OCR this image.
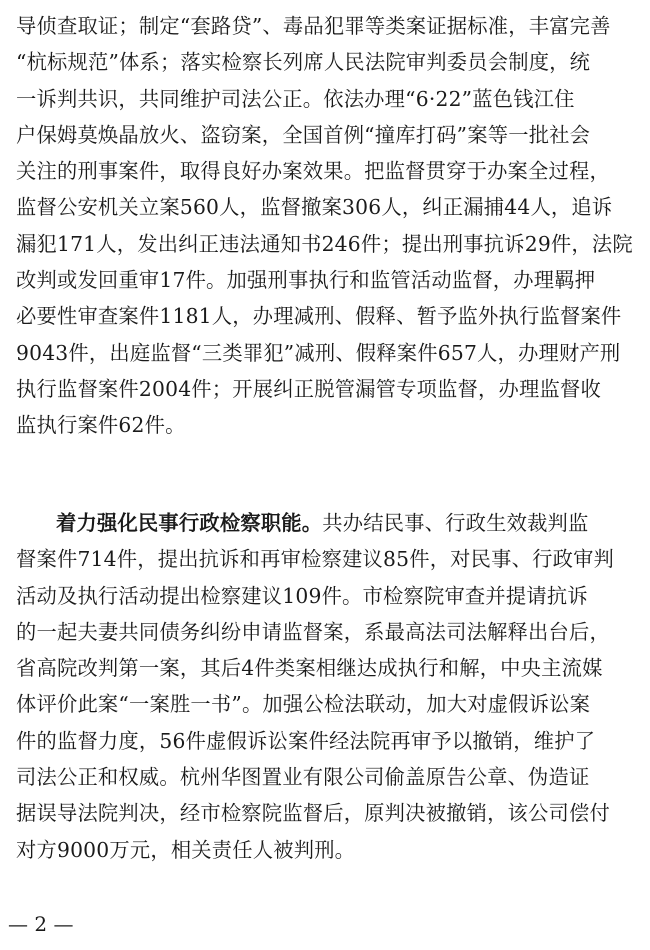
导侦查取证；制定“套路贷”、毒品犯罪等类案证据标准，丰富完善
“杭标规范”体系；落实检察长列席人民法院审判委员会制度，统
一诉判共识，共同维护司法公正。依法办理“6·22”蓝色钱江住
户保姆莫焕晶放火、盗窃案，全国首例“撞库打码”案等一批社会
关注的刑事案件，取得良好办案效果。把监督贯穿于办案全过程，
监督公安机关立案560人，监督撤案306人，纠正漏捕44人，追诉
漏犯171人，发出纠正违法通知书246件；提出刑事抗诉29件，法院
改判或发回重审17件。加强刑事执行和监管活动监督，办理羁押
必要性审查案件1181人，办理减刑、假释、暂予监外执行监督案件
9043件，出庭监督“三类罪犯”减刑、假释案件657人，办理财产刑
执行监督案件2004件；开展纠正脱管漏管专项监督，办理监督收
监执行案件62件。
着力强化民事行政检察职能。共办结民事、行政生效裁判监
督案件714件，提出抗诉和再审检察建议85件，对民事、行政审判
活动及执行活动提出检察建议109件。市检察院审查并提请抗诉
的一起夫妻共同债务纠纷申请监督案，系最高法司法解释出台后，
省高院改判第一案，其后4件类案相继达成执行和解，中央主流媒
体评价此案“一案胜一书”。加强公检法联动，加大对虚假诉讼案
件的监督力度，56件虚假诉讼案件经法院再审予以撤销，维护了
司法公正和权威。杭州华图置业有限公司偷盖原告公章、伪造证
据误导法院判决，经市检察院监督后，原判决被撤销，该公司偿付
对方9000万元，相关责任人被判刑。
— 2 —
